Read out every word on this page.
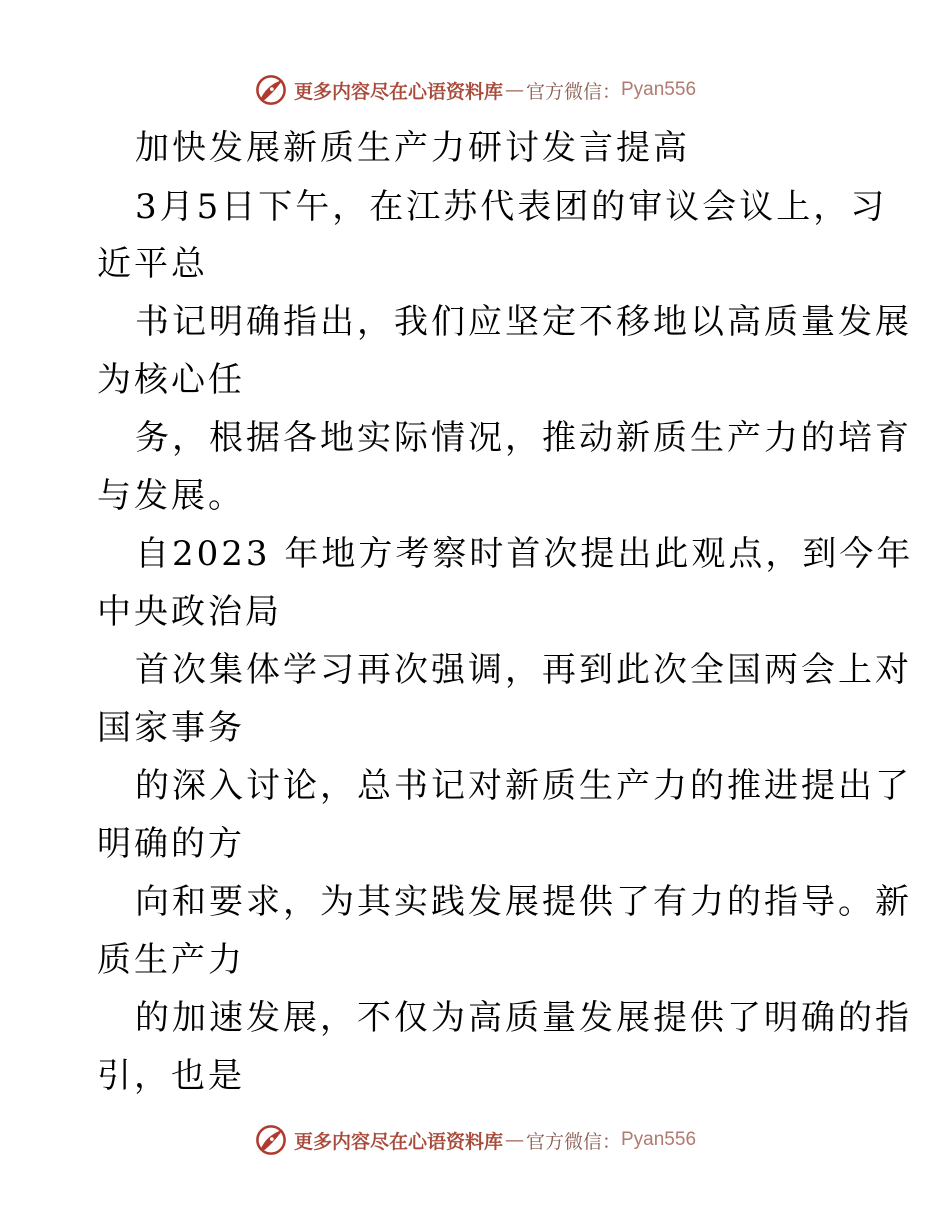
更多内容尽在心语资料库 — 官方微信： Pyan556
加快发展新质生产力研讨发言提高
3月5日下午，在江苏代表团的审议会议上，习
近平总
书记明确指出，我们应坚定不移地以高质量发展
为核心任
务，根据各地实际情况，推动新质生产力的培育
与发展。
自2023 年地方考察时首次提出此观点，到今年
中央政治局
首次集体学习再次强调，再到此次全国两会上对
国家事务
的深入讨论，总书记对新质生产力的推进提出了
明确的方
向和要求，为其实践发展提供了有力的指导。新
质生产力
的加速发展，不仅为高质量发展提供了明确的指
引，也是
更多内容尽在心语资料库 — 官方微信： Pyan556
